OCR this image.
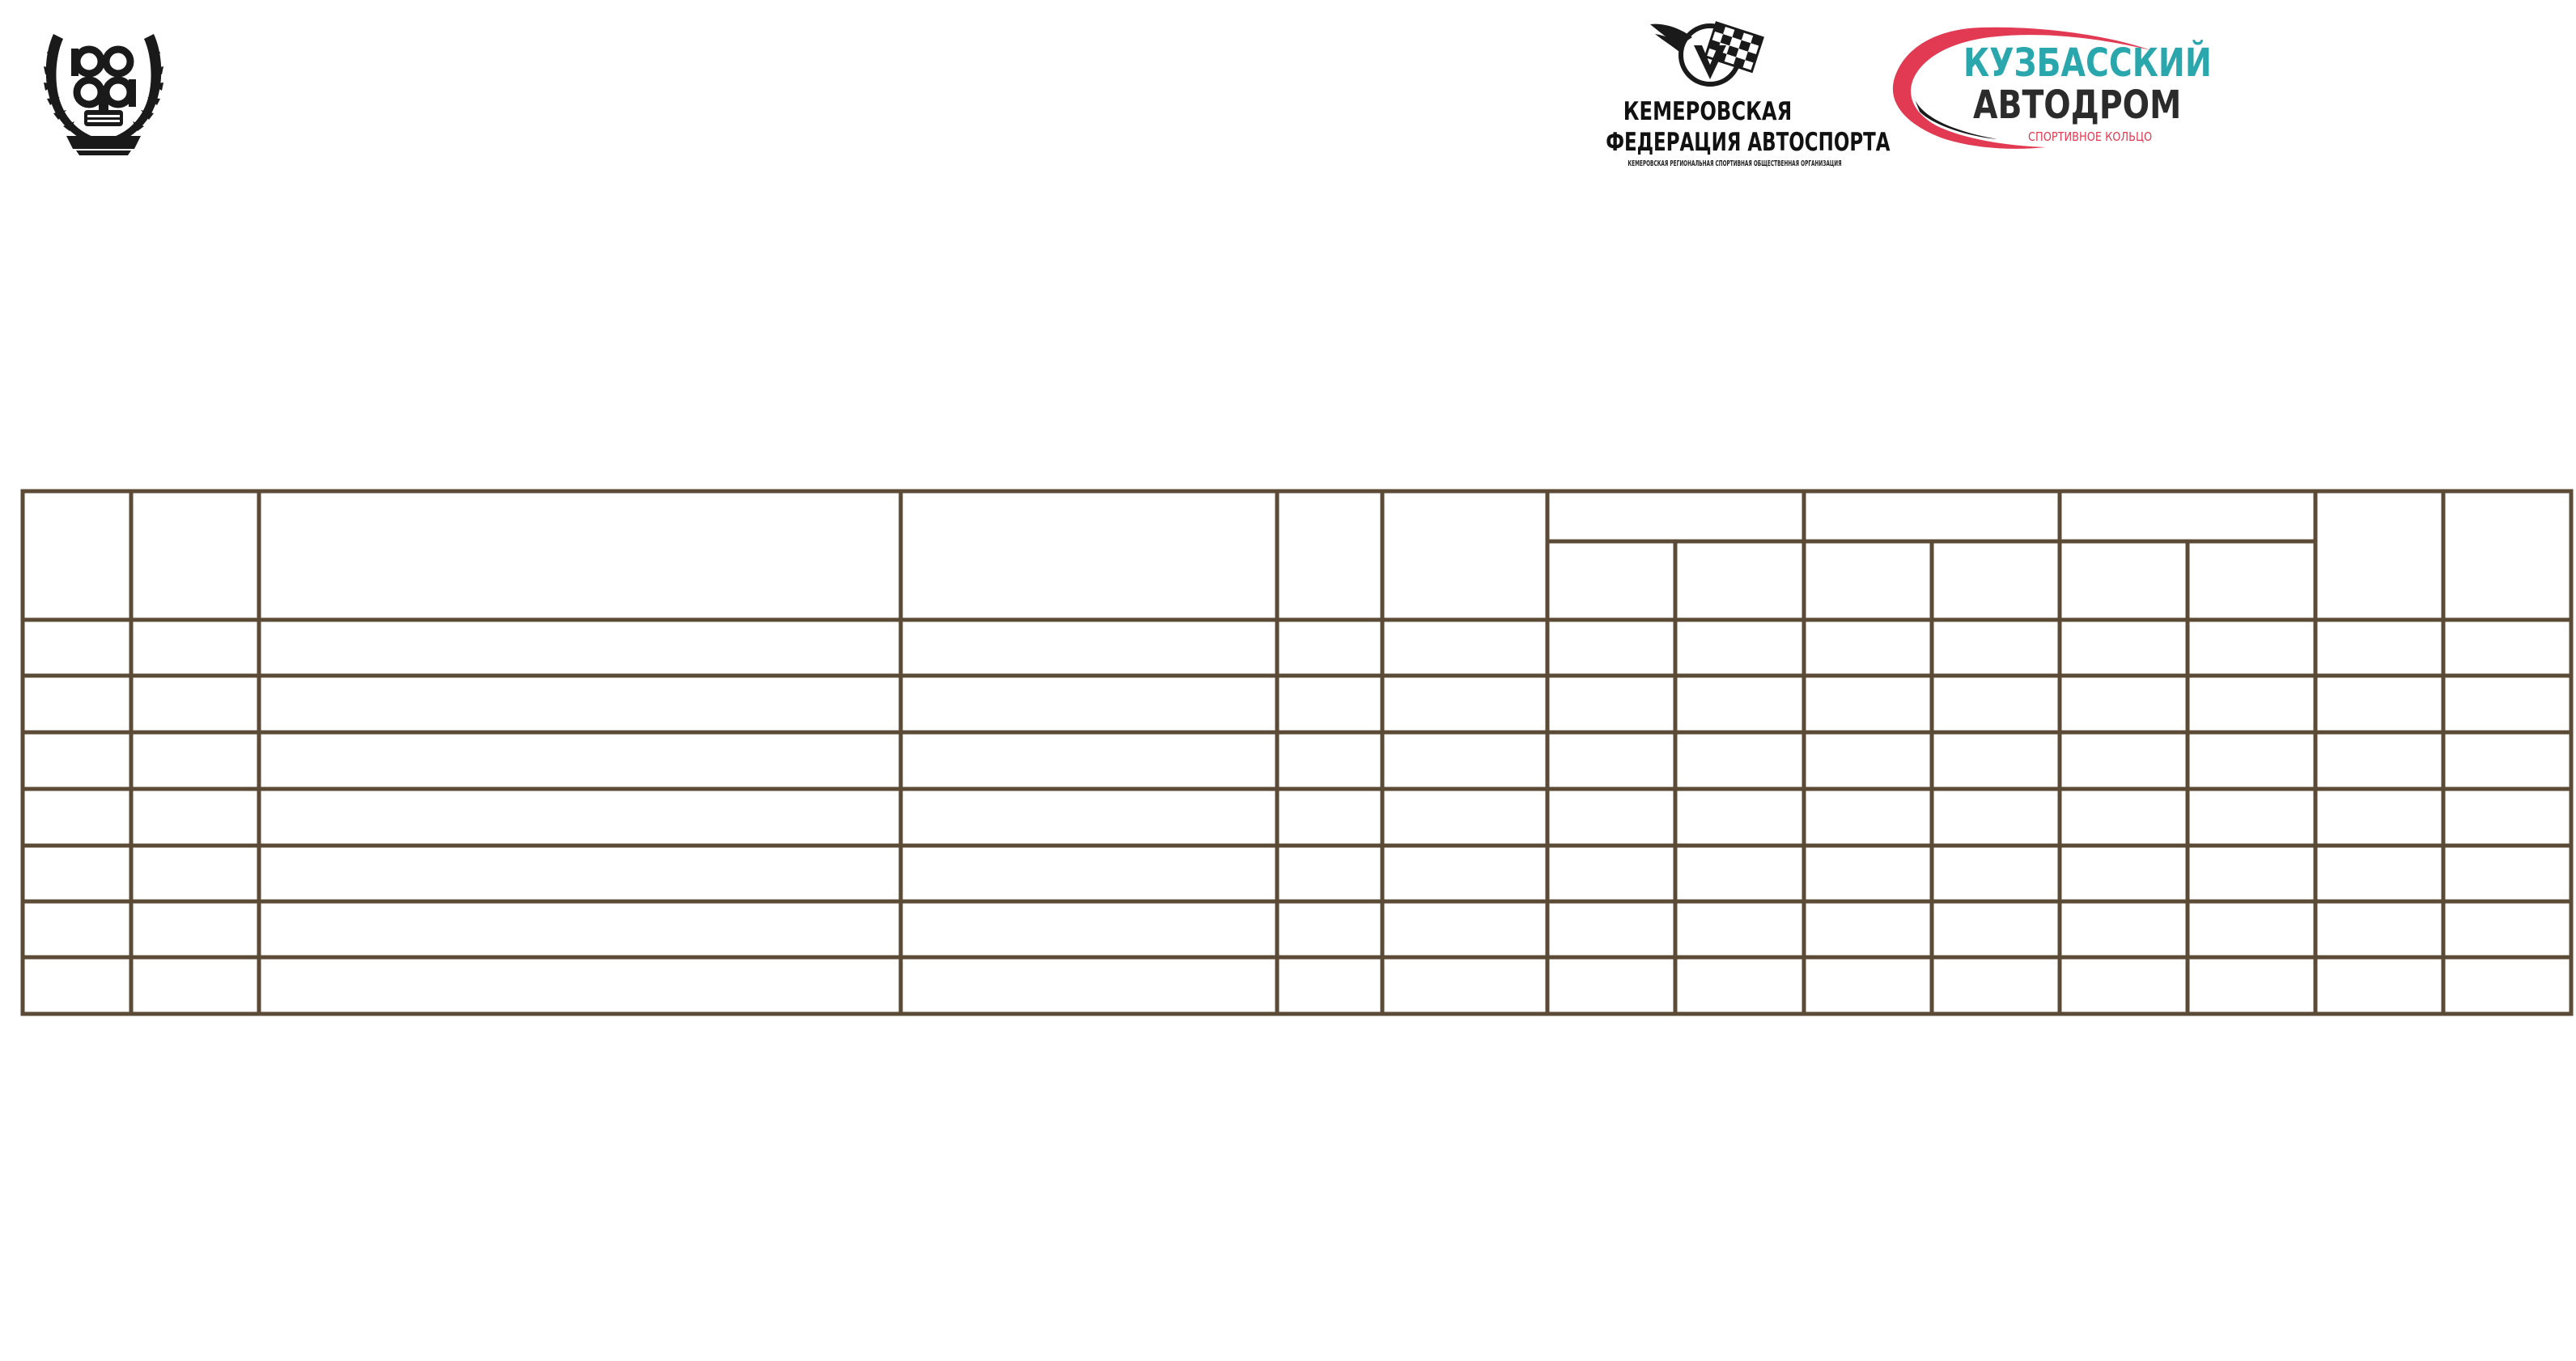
КЕМЕРОВСКАЯ
ФЕДЕРАЦИЯ АВТОСПОРТА
КЕМЕРОВСКАЯ РЕГИОНАЛЬНАЯ СПОРТИВНАЯ ОБЩЕСТВЕННАЯ ОРГАНИЗАЦИЯ
КУЗБАССКИЙ
АВТОДРОМ
СПОРТИВНОЕ КОЛЬЦО
